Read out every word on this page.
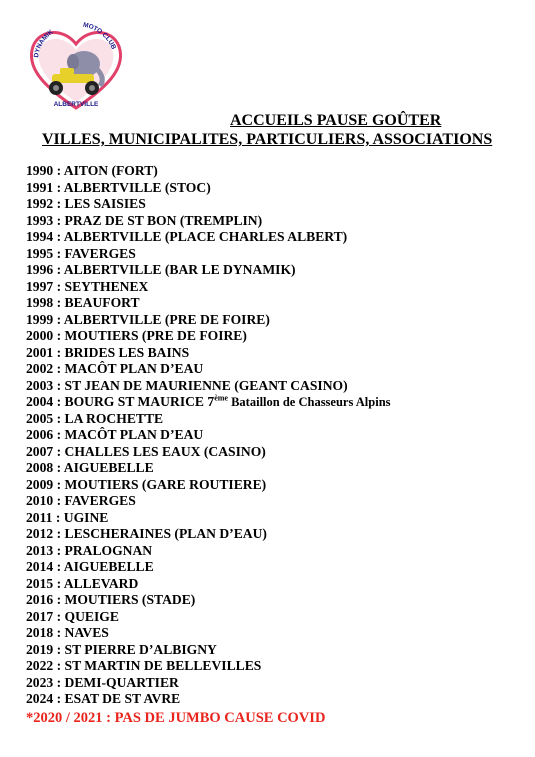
DYNAMIK
MOTO CLUB
ALBERTVILLE
ACCUEILS PAUSE GOÛTER
VILLES, MUNICIPALITES, PARTICULIERS, ASSOCIATIONS
1990 : AITON (FORT)
1991 : ALBERTVILLE (STOC)
1992 : LES SAISIES
1993 : PRAZ DE ST BON (TREMPLIN)
1994 : ALBERTVILLE (PLACE CHARLES ALBERT)
1995 : FAVERGES
1996 : ALBERTVILLE (BAR LE DYNAMIK)
1997 : SEYTHENEX
1998 : BEAUFORT
1999 : ALBERTVILLE (PRE DE FOIRE)
2000 : MOUTIERS (PRE DE FOIRE)
2001 : BRIDES LES BAINS
2002 : MACÔT PLAN D’EAU
2003 : ST JEAN DE MAURIENNE (GEANT CASINO)
2004 : BOURG ST MAURICE 7ème Bataillon de Chasseurs Alpins
2005 : LA ROCHETTE
2006 : MACÔT PLAN D’EAU
2007 : CHALLES LES EAUX (CASINO)
2008 : AIGUEBELLE
2009 : MOUTIERS (GARE ROUTIERE)
2010 : FAVERGES
2011 : UGINE
2012 : LESCHERAINES (PLAN D’EAU)
2013 : PRALOGNAN
2014 : AIGUEBELLE
2015 : ALLEVARD
2016 : MOUTIERS (STADE)
2017 : QUEIGE
2018 : NAVES
2019 : ST PIERRE D’ALBIGNY
2022 : ST MARTIN DE BELLEVILLES
2023 : DEMI-QUARTIER
2024 : ESAT DE ST AVRE
*2020 / 2021 : PAS DE JUMBO CAUSE COVID
